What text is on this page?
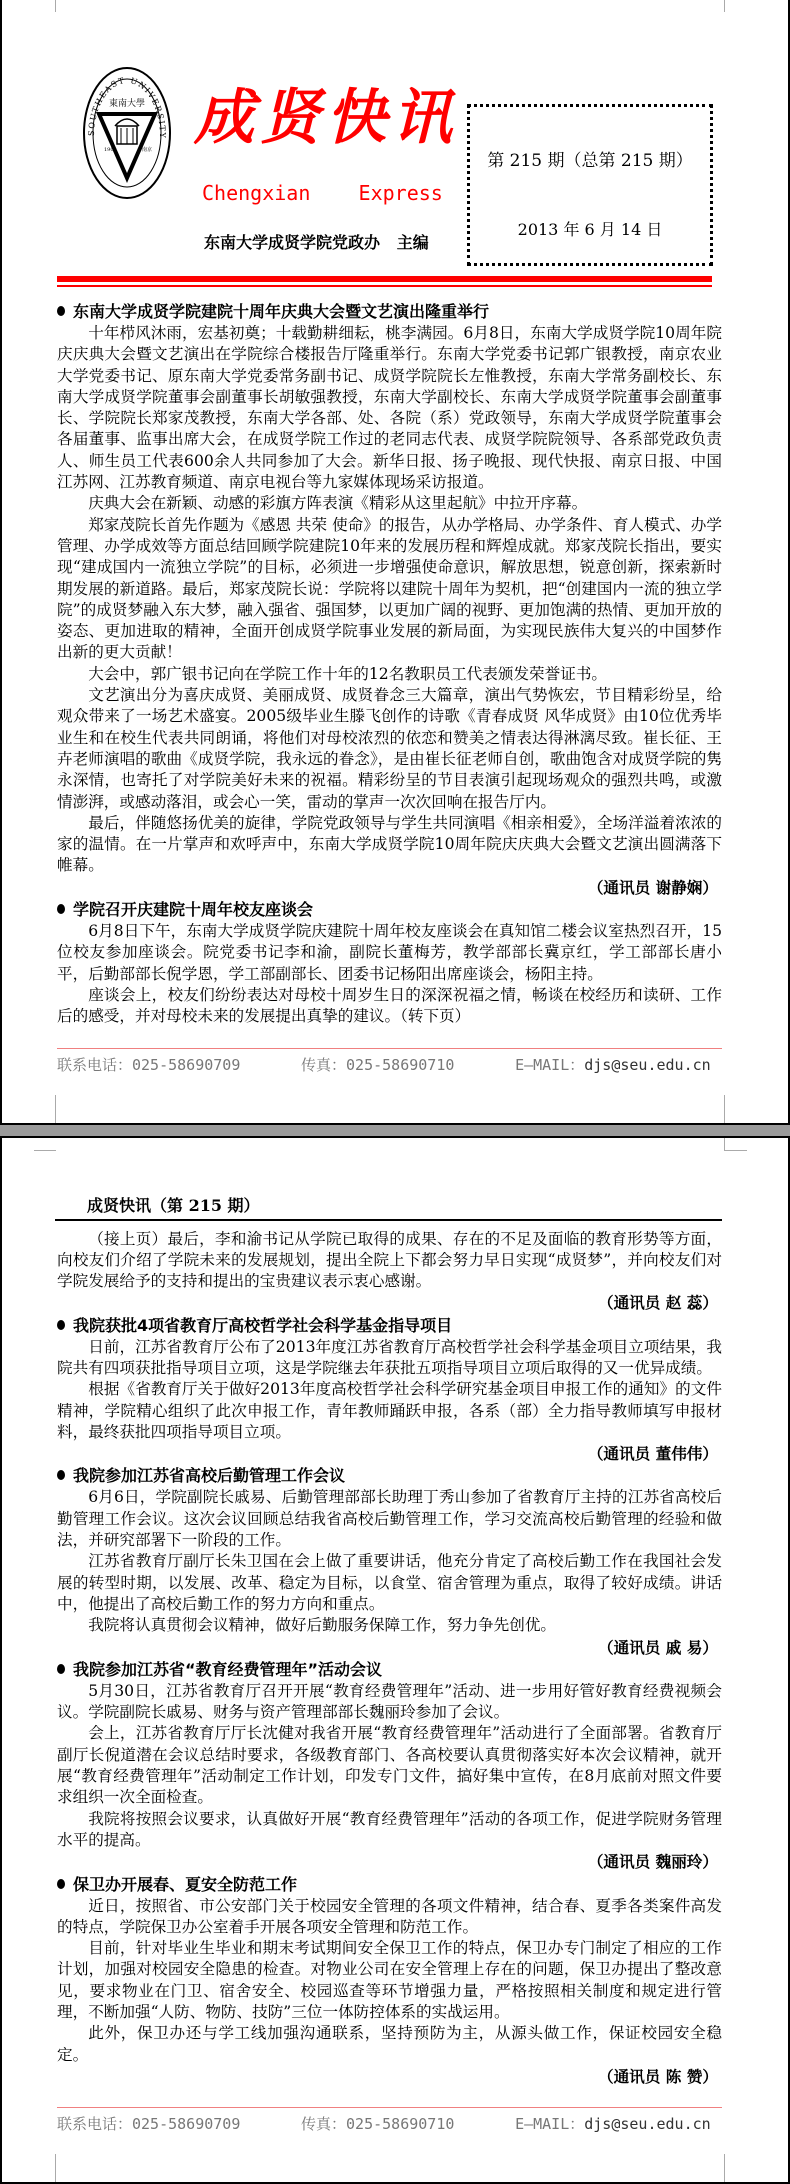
SOUTHEAST UNIVERSITY
東南大學
1902	南京 成贤快讯
Chengxian    Express
东南大学成贤学院党政办   主编
第 215 期（总第 215 期）
2013 年 6 月 14 日
东南大学成贤学院建院十周年庆典大会暨文艺演出隆重举行

十年栉风沐雨，宏基初奠；十载勤耕细耘，桃李满园。6月8日，东南大学成贤学院10周年院庆庆典大会暨文艺演出在学院综合楼报告厅隆重举行。东南大学党委书记郭广银教授，南京农业大学党委书记、原东南大学党委常务副书记、成贤学院院长左惟教授，东南大学常务副校长、东南大学成贤学院董事会副董事长胡敏强教授，东南大学副校长、东南大学成贤学院董事会副董事长、学院院长郑家茂教授，东南大学各部、处、各院（系）党政领导，东南大学成贤学院董事会各届董事、监事出席大会，在成贤学院工作过的老同志代表、成贤学院院领导、各系部党政负责人、师生员工代表600余人共同参加了大会。新华日报、扬子晚报、现代快报、南京日报、中国江苏网、江苏教育频道、南京电视台等九家媒体现场采访报道。

庆典大会在新颖、动感的彩旗方阵表演《精彩从这里起航》中拉开序幕。

郑家茂院长首先作题为《感恩 共荣 使命》的报告，从办学格局、办学条件、育人模式、办学管理、办学成效等方面总结回顾学院建院10年来的发展历程和辉煌成就。郑家茂院长指出，要实现“建成国内一流独立学院”的目标，必须进一步增强使命意识，解放思想，锐意创新，探索新时期发展的新道路。最后，郑家茂院长说：学院将以建院十周年为契机，把“创建国内一流的独立学院”的成贤梦融入东大梦，融入强省、强国梦，以更加广阔的视野、更加饱满的热情、更加开放的姿态、更加进取的精神，全面开创成贤学院事业发展的新局面，为实现民族伟大复兴的中国梦作出新的更大贡献！

大会中，郭广银书记向在学院工作十年的12名教职员工代表颁发荣誉证书。

文艺演出分为喜庆成贤、美丽成贤、成贤眷念三大篇章，演出气势恢宏，节目精彩纷呈，给观众带来了一场艺术盛宴。2005级毕业生滕飞创作的诗歌《青春成贤 风华成贤》由10位优秀毕业生和在校生代表共同朗诵，将他们对母校浓烈的依恋和赞美之情表达得淋漓尽致。崔长征、王卉老师演唱的歌曲《成贤学院，我永远的眷念》，是由崔长征老师自创，歌曲饱含对成贤学院的隽永深情，也寄托了对学院美好未来的祝福。精彩纷呈的节目表演引起现场观众的强烈共鸣，或激情澎湃，或感动落泪，或会心一笑，雷动的掌声一次次回响在报告厅内。

最后，伴随悠扬优美的旋律，学院党政领导与学生共同演唱《相亲相爱》，全场洋溢着浓浓的家的温情。在一片掌声和欢呼声中，东南大学成贤学院10周年院庆庆典大会暨文艺演出圆满落下帷幕。

（通讯员 谢静娴）
学院召开庆建院十周年校友座谈会

6月8日下午，东南大学成贤学院庆建院十周年校友座谈会在真知馆二楼会议室热烈召开，15位校友参加座谈会。院党委书记李和渝，副院长董梅芳，教学部部长冀京红，学工部部长唐小平，后勤部部长倪学恩，学工部副部长、团委书记杨阳出席座谈会，杨阳主持。

座谈会上，校友们纷纷表达对母校十周岁生日的深深祝福之情，畅谈在校经历和读研、工作后的感受，并对母校未来的发展提出真挚的建议。（转下页）

联系电话：025-58690709	传真：025-58690710	E—MAIL：djs@seu.edu.cn
成贤快讯（第 215 期）

（接上页）最后，李和渝书记从学院已取得的成果、存在的不足及面临的教育形势等方面，向校友们介绍了学院未来的发展规划，提出全院上下都会努力早日实现“成贤梦”，并向校友们对学院发展给予的支持和提出的宝贵建议表示衷心感谢。

（通讯员 赵 蕊）
我院获批4项省教育厅高校哲学社会科学基金指导项目

日前，江苏省教育厅公布了2013年度江苏省教育厅高校哲学社会科学基金项目立项结果，我院共有四项获批指导项目立项，这是学院继去年获批五项指导项目立项后取得的又一优异成绩。

根据《省教育厅关于做好2013年度高校哲学社会科学研究基金项目申报工作的通知》的文件精神，学院精心组织了此次申报工作，青年教师踊跃申报，各系（部）全力指导教师填写申报材料，最终获批四项指导项目立项。

（通讯员 董伟伟）
我院参加江苏省高校后勤管理工作会议

6月6日，学院副院长戚易、后勤管理部部长助理丁秀山参加了省教育厅主持的江苏省高校后勤管理工作会议。这次会议回顾总结我省高校后勤管理工作，学习交流高校后勤管理的经验和做法，并研究部署下一阶段的工作。

江苏省教育厅副厅长朱卫国在会上做了重要讲话，他充分肯定了高校后勤工作在我国社会发展的转型时期，以发展、改革、稳定为目标，以食堂、宿舍管理为重点，取得了较好成绩。讲话中，他提出了高校后勤工作的努力方向和重点。

我院将认真贯彻会议精神，做好后勤服务保障工作，努力争先创优。

（通讯员 戚 易）
我院参加江苏省“教育经费管理年”活动会议

5月30日，江苏省教育厅召开开展“教育经费管理年”活动、进一步用好管好教育经费视频会议。学院副院长戚易、财务与资产管理部部长魏丽玲参加了会议。

会上，江苏省教育厅厅长沈健对我省开展“教育经费管理年”活动进行了全面部署。省教育厅副厅长倪道潜在会议总结时要求，各级教育部门、各高校要认真贯彻落实好本次会议精神，就开展“教育经费管理年”活动制定工作计划，印发专门文件，搞好集中宣传，在8月底前对照文件要求组织一次全面检查。

我院将按照会议要求，认真做好开展“教育经费管理年”活动的各项工作，促进学院财务管理水平的提高。

（通讯员 魏丽玲）
保卫办开展春、夏安全防范工作

近日，按照省、市公安部门关于校园安全管理的各项文件精神，结合春、夏季各类案件高发的特点，学院保卫办公室着手开展各项安全管理和防范工作。

目前，针对毕业生毕业和期末考试期间安全保卫工作的特点，保卫办专门制定了相应的工作计划，加强对校园安全隐患的检查。对物业公司在安全管理上存在的问题，保卫办提出了整改意见，要求物业在门卫、宿舍安全、校园巡查等环节增强力量，严格按照相关制度和规定进行管理，不断加强“人防、物防、技防”三位一体防控体系的实战运用。

此外，保卫办还与学工线加强沟通联系，坚持预防为主，从源头做工作，保证校园安全稳定。

（通讯员 陈 赞）
联系电话：025-58690709	传真：025-58690710	E—MAIL：djs@seu.edu.cn
